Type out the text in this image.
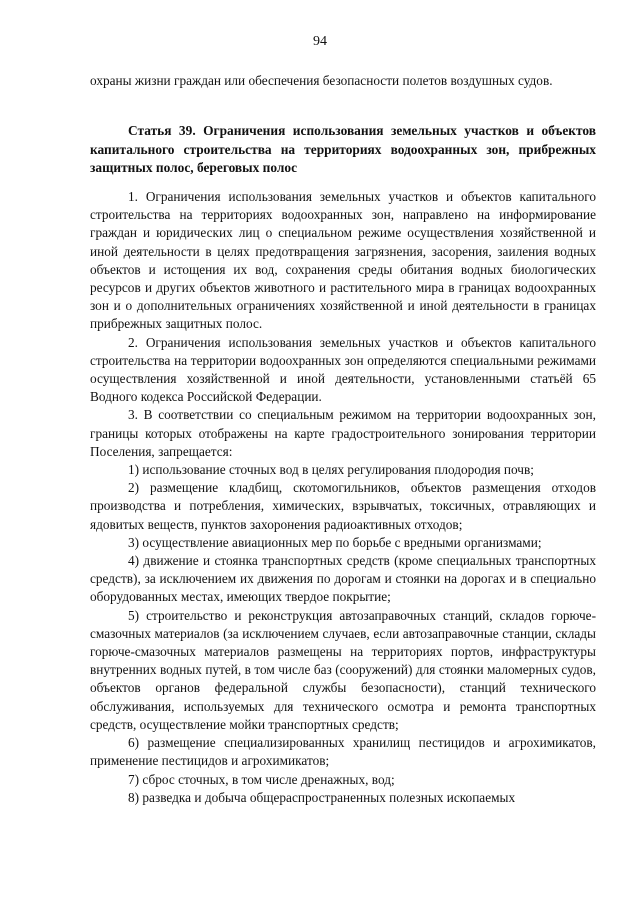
94

охраны жизни граждан или обеспечения безопасности полетов воздушных судов.

Статья 39. Ограничения использования земельных участков и объектов капитального строительства на территориях водоохранных зон, прибрежных защитных полос, береговых полос

1. Ограничения использования земельных участков и объектов капитального строительства на территориях водоохранных зон, направлено на информирование граждан и юридических лиц о специальном режиме осуществления хозяйственной и иной деятельности в целях предотвращения загрязнения, засорения, заиления водных объектов и истощения их вод, сохранения среды обитания водных биологических ресурсов и других объектов животного и растительного мира в границах водоохранных зон и о дополнительных ограничениях хозяйственной и иной деятельности в границах прибрежных защитных полос.

2. Ограничения использования земельных участков и объектов капитального строительства на территории водоохранных зон определяются специальными режимами осуществления хозяйственной и иной деятельности, установленными статьёй 65 Водного кодекса Российской Федерации.

3. В соответствии со специальным режимом на территории водоохранных зон, границы которых отображены на карте градостроительного зонирования территории Поселения, запрещается:

1) использование сточных вод в целях регулирования плодородия почв;

2) размещение кладбищ, скотомогильников, объектов размещения отходов производства и потребления, химических, взрывчатых, токсичных, отравляющих и ядовитых веществ, пунктов захоронения радиоактивных отходов;

3) осуществление авиационных мер по борьбе с вредными организмами;

4) движение и стоянка транспортных средств (кроме специальных транспортных средств), за исключением их движения по дорогам и стоянки на дорогах и в специально оборудованных местах, имеющих твердое покрытие;

5) строительство и реконструкция автозаправочных станций, складов горюче-смазочных материалов (за исключением случаев, если автозаправочные станции, склады горюче-смазочных материалов размещены на территориях портов, инфраструктуры внутренних водных путей, в том числе баз (сооружений) для стоянки маломерных судов, объектов органов федеральной службы безопасности), станций технического обслуживания, используемых для технического осмотра и ремонта транспортных средств, осуществление мойки транспортных средств;

6) размещение специализированных хранилищ пестицидов и агрохимикатов, применение пестицидов и агрохимикатов;

7) сброс сточных, в том числе дренажных, вод;

8) разведка и добыча общераспространенных полезных ископаемых
